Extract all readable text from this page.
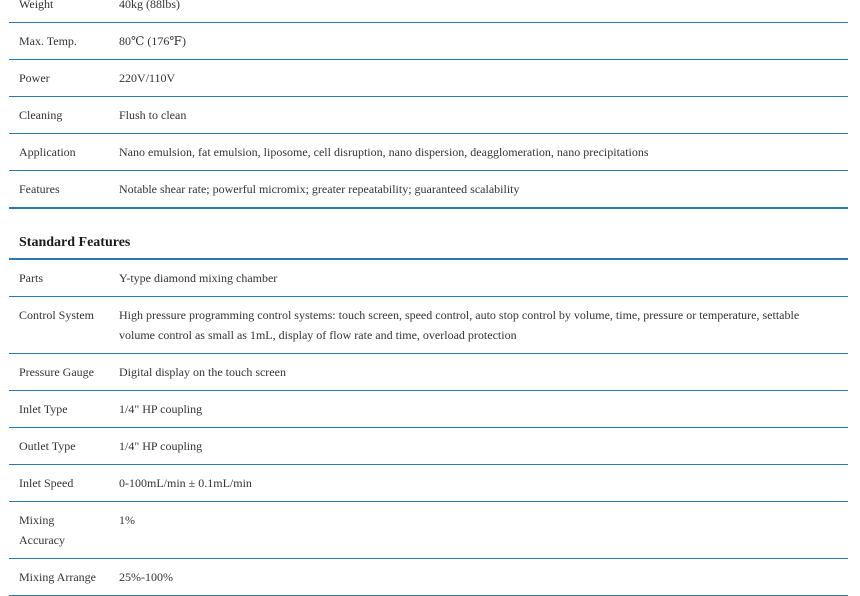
Weight	40kg (88lbs)
Max. Temp.	80℃ (176℉)
Power	220V/110V
Cleaning	Flush to clean
Application	Nano emulsion, fat emulsion, liposome, cell disruption, nano dispersion, deagglomeration, nano precipitations
Features	Notable shear rate; powerful micromix; greater repeatability; guaranteed scalability
Standard Features
Parts	Y-type diamond mixing chamber
Control System	High pressure programming control systems: touch screen, speed control, auto stop control by volume, time, pressure or temperature, settable volume control as small as 1mL, display of flow rate and time, overload protection
Pressure Gauge	Digital display on the touch screen
Inlet Type	1/4" HP coupling
Outlet Type	1/4" HP coupling
Inlet Speed	0-100mL/min ± 0.1mL/min
Mixing Accuracy	1%
Mixing Arrange	25%-100%
